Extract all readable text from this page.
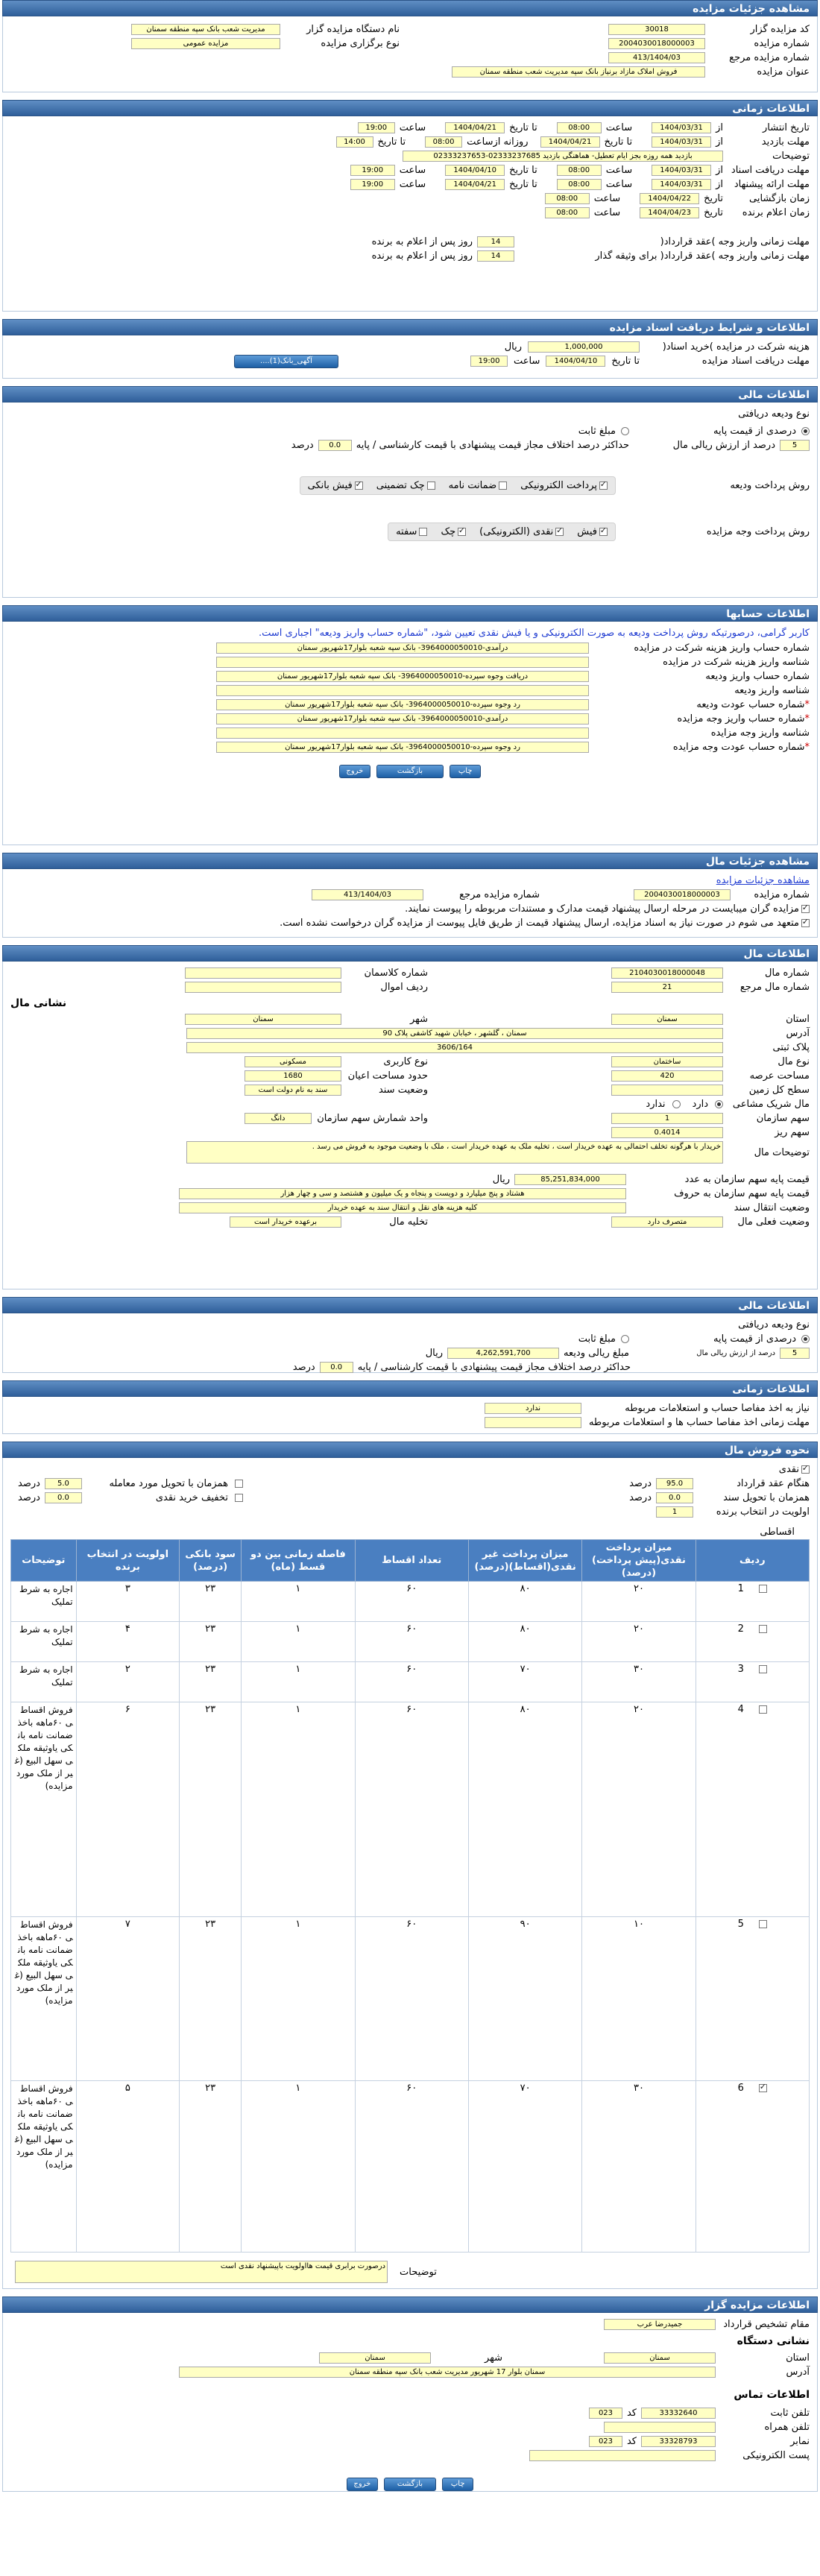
مشاهده جزئیات مزایده
کد مزایده گزار
30018
شماره مزایده
2004030018000003
شماره مزایده مرجع
413/1404/03
عنوان مزایده
فروش املاک مازاد برنیاز بانک سپه مدیریت شعب منطقه سمنان
نام دستگاه مزایده گزار
مدیریت شعب بانک سپه منطقه سمنان
نوع برگزاری مزایده
مزایده عمومی
اطلاعات زمانی
تاریخ انتشار
از
1404/03/31
ساعت
08:00
تا تاریخ
1404/04/21
ساعت
19:00
مهلت بازدید
از
1404/03/31
تا تاریخ
1404/04/21
روزانه ازساعت
08:00
تا تاریخ
14:00
توضیحات
بازدید همه روزه بجز ایام تعطیل- هماهنگی بازدید 02333237685-02333237653
مهلت دریافت اسناد
از
1404/03/31
ساعت
08:00
تا تاریخ
1404/04/10
ساعت
19:00
مهلت ارائه پیشنهاد
از
1404/03/31
ساعت
08:00
تا تاریخ
1404/04/21
ساعت
19:00
زمان بازگشایی
تاریخ
1404/04/22
ساعت
08:00
زمان اعلام برنده
تاریخ
1404/04/23
ساعت
08:00
مهلت زمانی واریز وجه )عقد قرارداد(
14
روز پس از اعلام به برنده
مهلت زمانی واریز وجه )عقد قرارداد( برای وثیقه گذار
14
روز پس از اعلام به برنده
اطلاعات و شرایط دریافت اسناد مزایده
هزینه شرکت در مزایده )خرید اسناد(
1,000,000
ریال
مهلت دریافت اسناد مزایده
تا تاریخ
1404/04/10
ساعت
19:00
آگهی_بانک(1)....
اطلاعات مالی
نوع ودیعه دریافتی
درصدی از قیمت پایه
مبلغ ثابت
5
درصد از ارزش ریالی مال
حداکثر درصد اختلاف مجاز قیمت پیشنهادی با قیمت کارشناسی / پایه
0.0
درصد
روش پرداخت ودیعه
✓پرداخت الکترونیکی
ضمانت نامه
چک تضمینی
✓فیش بانکی
روش پرداخت وجه مزایده
✓فیش
✓نقدی (الکترونیکی)
✓چک
سفته
اطلاعات حسابها
کاربر گرامی، درصورتیکه روش پرداخت ودیعه به صورت الکترونیکی و یا فیش نقدی تعیین شود، "شماره حساب واریز ودیعه" اجباری است.
شماره حساب واریز هزینه شرکت در مزایده
درآمدی-3964000050010- بانک سپه شعبه بلوار17شهریور سمنان
شناسه واریز هزینه شرکت در مزایده
شماره حساب واریز ودیعه
دریافت وجوه سپرده-3964000050010- بانک سپه شعبه بلوار17شهریور سمنان
شناسه واریز ودیعه
*شماره حساب عودت ودیعه
رد وجوه سپرده-3964000050010- بانک سپه شعبه بلوار17شهریور سمنان
*شماره حساب واریز وجه مزایده
درآمدی-3964000050010- بانک سپه شعبه بلوار17شهریور سمنان
شناسه واریز وجه مزایده
*شماره حساب عودت وجه مزایده
رد وجوه سپرده-3964000050010- بانک سپه شعبه بلوار17شهریور سمنان
چاپ بازگشت خروج
مشاهده جزئیات مال
مشاهده جزئیات مزایده
شماره مزایده
2004030018000003
شماره مزایده مرجع
413/1404/03
✓
مزایده گران میبایست در مرحله ارسال پیشنهاد قیمت مدارک و مستندات مربوطه را پیوست نمایند.
✓
متعهد می شوم در صورت نیاز به اسناد مزایده، ارسال پیشنهاد قیمت از طریق فایل پیوست از مزایده گران درخواست نشده است.
اطلاعات مال
شماره مال
2104030018000048
شماره کلاسمان
شماره مال مرجع
21
ردیف اموال
نشانی مال
استان
سمنان
شهر
سمنان
آدرس
سمنان ، گلشهر ، خیابان شهید کاشفی پلاک 90
پلاک ثبتی
3606/164
نوع مال
ساختمان
نوع کاربری
مسکونی
مساحت عرصه
420
حدود مساحت اعیان
1680
سطح کل زمین
وضعیت سند
سند به نام دولت است
مال شریک مشاعی
دارد
ندارد
سهم سازمان
1
واحد شمارش سهم سازمان
دانگ
سهم ریز
0.4014
توضیحات مال
خریدار با هرگونه تخلف احتمالی به عهده خریدار است ، تخلیه ملک به عهده خریدار است ، ملک با وضعیت موجود به فروش می رسد .
قیمت پایه سهم سازمان به عدد
85,251,834,000
ریال
قیمت پایه سهم سازمان به حروف
هشتاد و پنج میلیارد و دویست و پنجاه و یک میلیون و هشتصد و سی و چهار هزار
وضعیت انتقال سند
کلیه هزینه های نقل و انتقال سند به عهده خریدار
وضعیت فعلی مال
متصرف دارد
تخلیه مال
برعهده خریدار است
اطلاعات مالی
نوع ودیعه دریافتی
درصدی از قیمت پایه
مبلغ ثابت
5
درصد از ارزش ریالی مال
مبلغ ریالی ودیعه
4,262,591,700
ریال
حداکثر درصد اختلاف مجاز قیمت پیشنهادی با قیمت کارشناسی / پایه
0.0
درصد
اطلاعات زمانی
نیاز به اخذ مفاصا حساب و استعلامات مربوطه
ندارد
مهلت زمانی اخذ مفاصا حساب ها و استعلامات مربوطه
نحوه فروش مال
✓
نقدی
هنگام عقد قرارداد
95.0
درصد
همزمان با تحویل مورد معامله
5.0
درصد
همزمان با تحویل سند
0.0
درصد
تخفیف خرید نقدی
0.0
درصد
اولویت در انتخاب برنده
1
اقساطی
ردیف	میزان پرداخت نقدی(پیش پرداخت)(درصد)	میزان پرداخت غیر نقدی(اقساط)(درصد)	تعداد اقساط	فاصله زمانی بین دو قسط (ماه)	سود بانکی (درصد)	اولویت در انتخاب برنده	توضیحات
1	۲۰	۸۰	۶۰	۱	۲۳	۳	اجاره به شرط تملیک
2	۲۰	۸۰	۶۰	۱	۲۳	۴	اجاره به شرط تملیک
3	۳۰	۷۰	۶۰	۱	۲۳	۲	اجاره به شرط تملیک
4	۲۰	۸۰	۶۰	۱	۲۳	۶	فروش اقساطی ۶۰ماهه باخذ ضمانت نامه بانکی یاوثیقه ملکی سهل البیع (غیر از ملک مورد مزایده)
5	۱۰	۹۰	۶۰	۱	۲۳	۷	فروش اقساطی ۶۰ماهه باخذ ضمانت نامه بانکی یاوثیقه ملکی سهل البیع (غیر از ملک مورد مزایده)
✓6	۳۰	۷۰	۶۰	۱	۲۳	۵	فروش اقساطی ۶۰ماهه باخذ ضمانت نامه بانکی یاوثیقه ملکی سهل البیع (غیر از ملک مورد مزایده)
توضیحات
درصورت برابری قیمت هااولویت باپیشنهاد نقدی است
اطلاعات مزایده گزار
مقام تشخیص قرارداد
جمیدرضا عرب
نشانی دستگاه
استان
سمنان
شهر
سمنان
آدرس
سمنان بلوار 17 شهریور مدیریت شعب بانک سپه منطقه سمنان
اطلاعات تماس
تلفن ثابت
33332640
کد
023
تلفن همراه
نمابر
33328793
کد
023
پست الکترونیکی
چاپ بازگشت خروج
